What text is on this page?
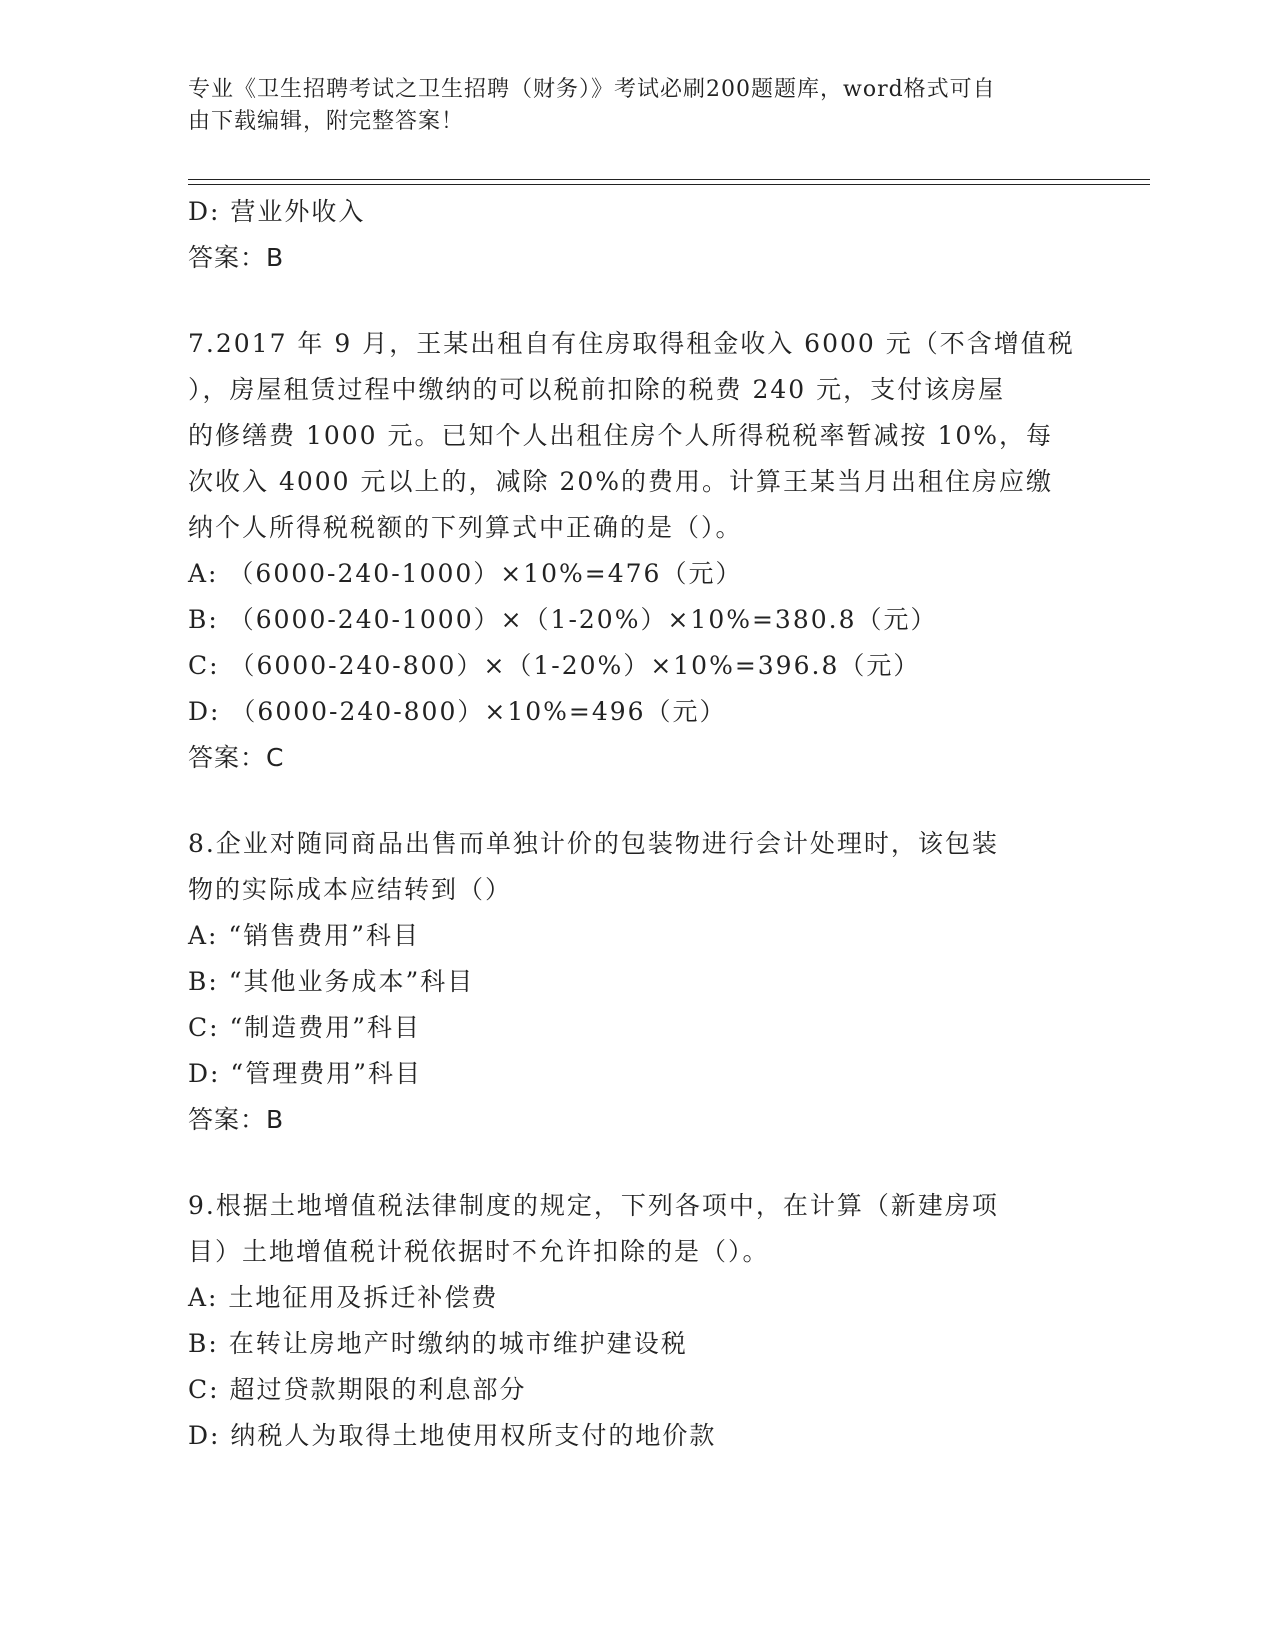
专业《卫生招聘考试之卫生招聘（财务）》考试必刷200题题库，word格式可自
由下载编辑，附完整答案！
D: 营业外收入
答案：B
7.2017 年 9 月，王某出租自有住房取得租金收入 6000 元（不含增值税
），房屋租赁过程中缴纳的可以税前扣除的税费 240 元，支付该房屋
的修缮费 1000 元。已知个人出租住房个人所得税税率暂减按 10%，每
次收入 4000 元以上的，减除 20%的费用。计算王某当月出租住房应缴
纳个人所得税税额的下列算式中正确的是（）。
A: （6000-240-1000）×10%=476（元）
B: （6000-240-1000）×（1-20%）×10%=380.8（元）
C: （6000-240-800）×（1-20%）×10%=396.8（元）
D: （6000-240-800）×10%=496（元）
答案：C
8.企业对随同商品出售而单独计价的包装物进行会计处理时，该包装
物的实际成本应结转到（）
A: “销售费用”科目
B: “其他业务成本”科目
C: “制造费用”科目
D: “管理费用”科目
答案：B
9.根据土地增值税法律制度的规定，下列各项中，在计算（新建房项
目）土地增值税计税依据时不允许扣除的是（）。
A: 土地征用及拆迁补偿费
B: 在转让房地产时缴纳的城市维护建设税
C: 超过贷款期限的利息部分
D: 纳税人为取得土地使用权所支付的地价款
